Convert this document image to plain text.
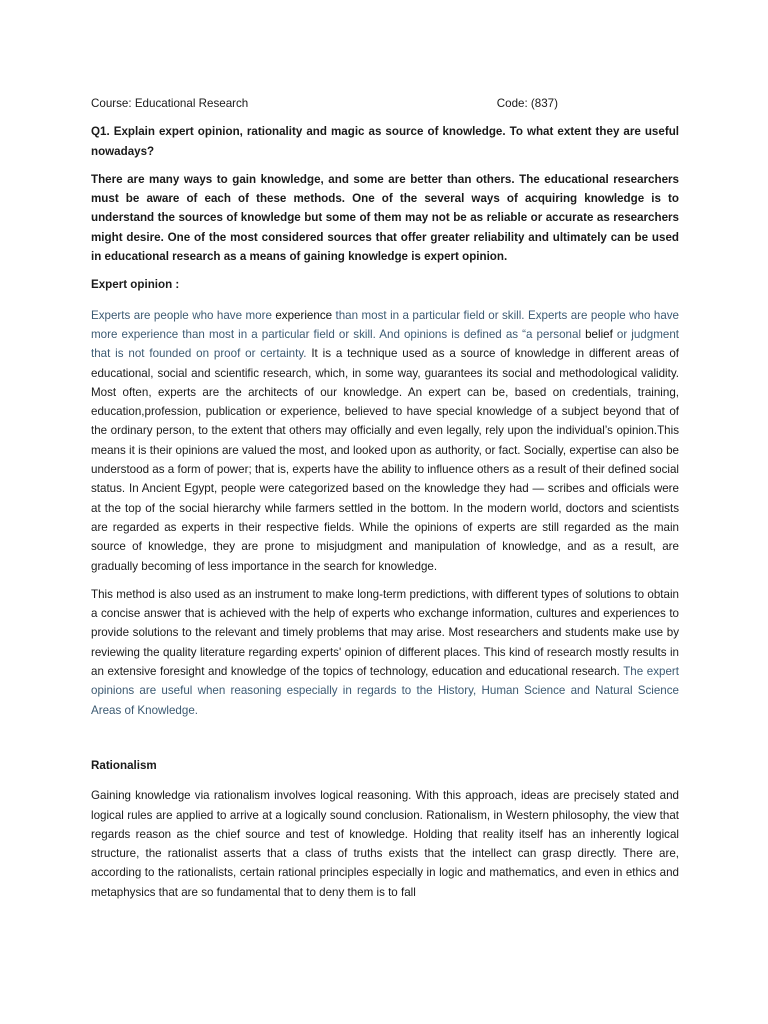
Course: Educational Research	Code: (837)

Q1. Explain expert opinion, rationality and magic as source of knowledge. To what extent they are useful nowadays?

There are many ways to gain knowledge, and some are better than others. The educational researchers must be aware of each of these methods. One of the several ways of acquiring knowledge is to understand the sources of knowledge but some of them may not be as reliable or accurate as researchers might desire. One of the most considered sources that offer greater reliability and ultimately can be used in educational research as a means of gaining knowledge is expert opinion.

Expert opinion :

Experts are people who have more experience than most in a particular field or skill. Experts are people who have more experience than most in a particular field or skill. And opinions is defined as “a personal belief or judgment that is not founded on proof or certainty. It is a technique used as a source of knowledge in different areas of educational, social and scientific research, which, in some way, guarantees its social and methodological validity. Most often, experts are the architects of our knowledge. An expert can be, based on credentials, training, education,profession, publication or experience, believed to have special knowledge of a subject beyond that of the ordinary person, to the extent that others may officially and even legally, rely upon the individual’s opinion.This means it is their opinions are valued the most, and looked upon as authority, or fact. Socially, expertise can also be understood as a form of power; that is, experts have the ability to influence others as a result of their defined social status. In Ancient Egypt, people were categorized based on the knowledge they had — scribes and officials were at the top of the social hierarchy while farmers settled in the bottom. In the modern world, doctors and scientists are regarded as experts in their respective fields. While the opinions of experts are still regarded as the main source of knowledge, they are prone to misjudgment and manipulation of knowledge, and as a result, are gradually becoming of less importance in the search for knowledge.

This method is also used as an instrument to make long-term predictions, with different types of solutions to obtain a concise answer that is achieved with the help of experts who exchange information, cultures and experiences to provide solutions to the relevant and timely problems that may arise. Most researchers and students make use by reviewing the quality literature regarding experts' opinion of different places. This kind of research mostly results in an extensive foresight and knowledge of the topics of technology, education and educational research. The expert opinions are useful when reasoning especially in regards to the History, Human Science and Natural Science Areas of Knowledge.

Rationalism

Gaining knowledge via rationalism involves logical reasoning. With this approach, ideas are precisely stated and logical rules are applied to arrive at a logically sound conclusion. Rationalism, in Western philosophy, the view that regards reason as the chief source and test of knowledge. Holding that reality itself has an inherently logical structure, the rationalist asserts that a class of truths exists that the intellect can grasp directly. There are, according to the rationalists, certain rational principles especially in logic and mathematics, and even in ethics and metaphysics that are so fundamental that to deny them is to fall
